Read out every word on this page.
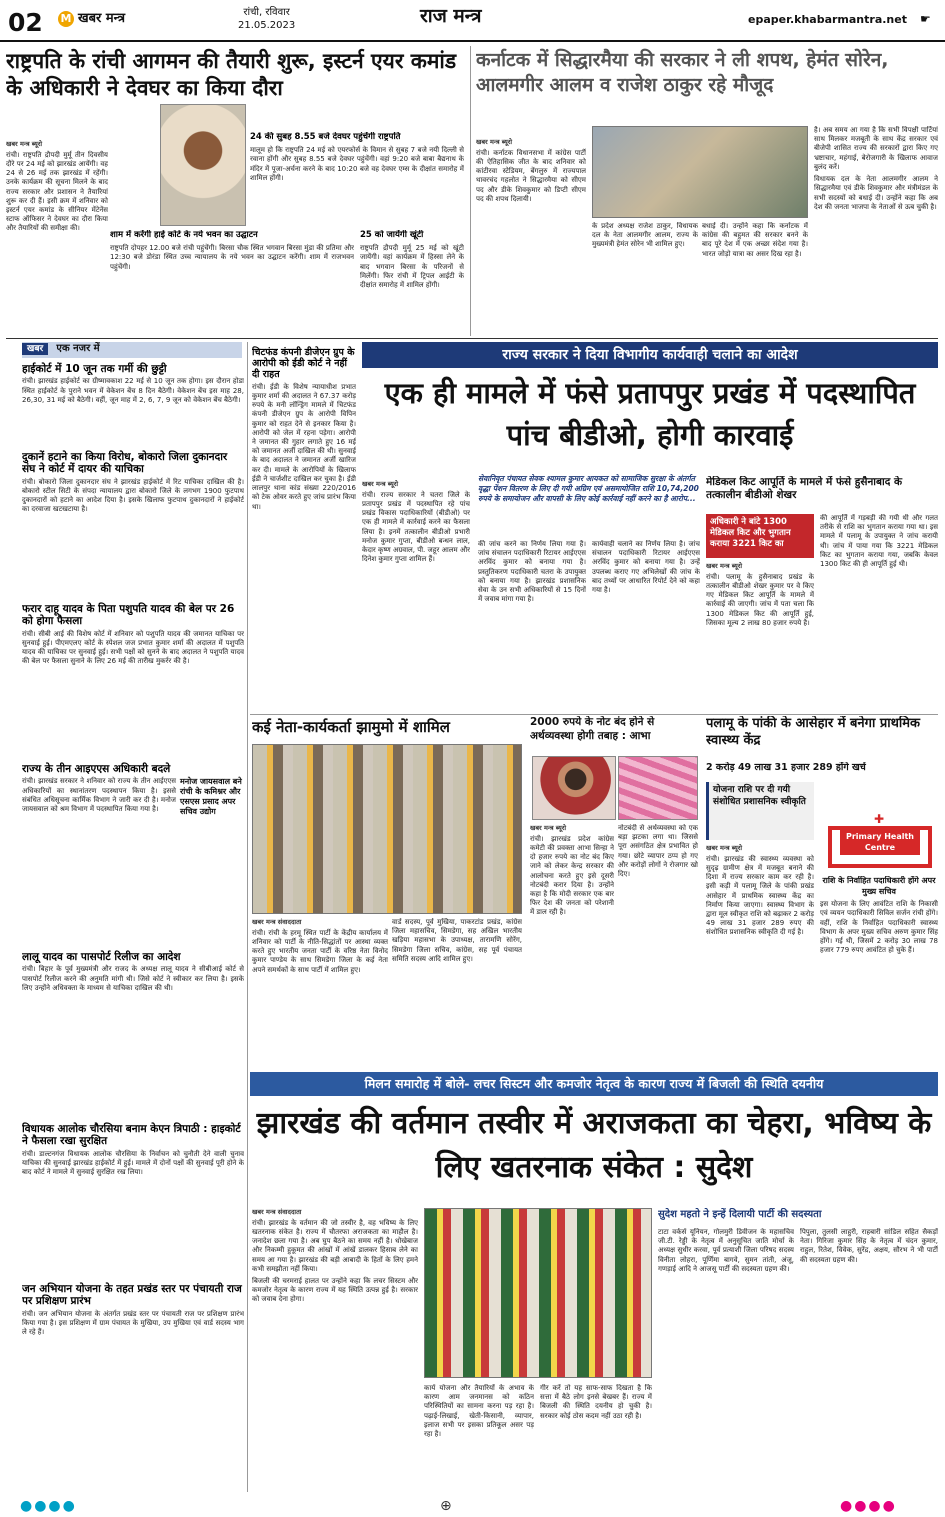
02 M खबर मन्त्र	रांची, रविवार
21.05.2023	राज मन्त्र	epaper.khabarmantra.net ☛
राष्ट्रपति के रांची आगमन की तैयारी शुरू, इस्टर्न एयर कमांड के अधिकारी ने देवघर का किया दौरा
खबर मन्त्र ब्यूरो
रांची। राष्ट्रपति द्रौपदी मुर्मू तीन दिवसीय दौरे पर 24 मई को झारखंड आयेंगी। वह 24 से 26 मई तक झारखंड में रहेंगी। उनके कार्यक्रम की सूचना मिलने के बाद राज्य सरकार और प्रशासन ने तैयारियां शुरू कर दी हैं। इसी क्रम में शनिवार को इस्टर्न एयर कमांड के सीनियर मेंटेनेंस स्टाफ ऑफिसर ने देवघर का दौरा किया और तैयारियों की समीक्षा की।
24 की सुबह 8.55 बजे देवघर पहुंचेंगी राष्ट्रपति
मालूम हो कि राष्ट्रपति 24 मई को एयरफोर्स के विमान से सुबह 7 बजे नयी दिल्ली से रवाना होंगी और सुबह 8.55 बजे देवघर पहुंचेंगी। वहां 9:20 बजे बाबा बैद्यनाथ के मंदिर में पूजा-अर्चना करने के बाद 10:20 बजे वह देवघर एम्स के दीक्षांत समारोह में शामिल होंगी।
शाम में करेंगी हाई कोर्ट के नये भवन का उद्घाटन
राष्ट्रपति दोपहर 12.00 बजे रांची पहुंचेंगी। बिरसा चौक स्थित भगवान बिरसा मुंडा की प्रतिमा और 12:30 बजे डोरंडा स्थित उच्च न्यायालय के नये भवन का उद्घाटन करेंगी। शाम में राजभवन पहुंचेंगी।
25 को जायेंगी खूंटी
राष्ट्रपति द्रौपदी मुर्मू 25 मई को खूंटी जायेंगी। वहां कार्यक्रम में हिस्सा लेने के बाद भगवान बिरसा के परिजनों से मिलेंगी। फिर रांची में ट्रिपल आईटी के दीक्षांत समारोह में शामिल होंगी।
कर्नाटक में सिद्धारमैया की सरकार ने ली शपथ, हेमंत सोरेन, आलमगीर आलम व राजेश ठाकुर रहे मौजूद
खबर मन्त्र ब्यूरो
रांची। कर्नाटक विधानसभा में कांग्रेस पार्टी की ऐतिहासिक जीत के बाद शनिवार को कांटीरवा स्टेडियम, बेंगलुरु में राज्यपाल थावरचंद गहलोत ने सिद्धारमैया को सीएम पद और डीके शिवकुमार को डिप्टी सीएम पद की शपथ दिलायी।
के प्रदेश अध्यक्ष राजेश ठाकुर, विधायक दल के नेता आलमगीर आलम, राज्य के मुख्यमंत्री हेमंत सोरेन भी शामिल हुए।
बधाई दी। उन्होंने कहा कि कर्नाटक में कांग्रेस की बहुमत की सरकार बनने के बाद पूरे देश में एक अच्छा संदेश गया है। भारत जोड़ो यात्रा का असर दिख रहा है।
है। अब समय आ गया है कि सभी विपक्षी पार्टियां साथ मिलकर मजबूती के साथ केंद्र सरकार एवं बीजेपी शासित राज्य की सरकारों द्वारा किए गए भ्रष्टाचार, महंगाई, बेरोजगारी के खिलाफ आवाज बुलंद करें।
विधायक दल के नेता आलमगीर आलम ने सिद्धारमैया एवं डीके शिवकुमार और मंत्रीमंडल के सभी सदस्यों को बधाई दी। उन्होंने कहा कि अब देश की जनता भाजपा के नेताओं से ऊब चुकी है।
खबर एक नजर में
हाईकोर्ट में 10 जून तक गर्मी की छुट्टी
रांची। झारखंड हाईकोर्ट का ग्रीष्मावकाश 22 मई से 10 जून तक होगा। इस दौरान होडा स्थित हाईकोर्ट के पुराने भवन में वेकेशन बेंच 8 दिन बैठेगी। वेकेशन बेंच इस माह 28, 26,30, 31 मई को बैठेगी। वहीं, जून माह में 2, 6, 7, 9 जून को वेकेशन बेंच बैठेगी।
दुकानें हटाने का किया विरोध, बोकारो जिला दुकानदार संघ ने कोर्ट में दायर की याचिका
रांची। बोकारो जिला दुकानदार संघ ने झारखंड हाईकोर्ट में रिट याचिका दाखिल की है। बोकारो स्टील सिटी के संपदा न्यायालय द्वारा बोकारो जिले के लगभग 1900 फुटपाथ दुकानदारों को हटाने का आदेश दिया है। इसके खिलाफ फुटपाथ दुकानदारों ने हाईकोर्ट का दरवाजा खटखटाया है।
फरार दाहू यादव के पिता पशुपति यादव की बेल पर 26 को होगा फैसला
रांची। सीबी आई की विशेष कोर्ट में शनिवार को पशुपति यादव की जमानत याचिका पर सुनवाई हुई। पीएमएलए कोर्ट के स्पेशल जज प्रभात कुमार शर्मा की अदालत में पशुपति यादव की याचिका पर सुनवाई हुई। सभी पक्षों को सुनने के बाद अदालत ने पशुपति यादव की बेल पर फैसला सुनाने के लिए 26 मई की तारीख मुकर्रर की है।
राज्य के तीन आइएएस अधिकारी बदले
मनोज जायसवाल बने रांची के कमिश्नर और एसएस प्रसाद अपर सचिव उद्योग
रांची। झारखंड सरकार ने शनिवार को राज्य के तीन आईएएस अधिकारियों का स्थानांतरण पदस्थापन किया है। इससे संबंधित अधिसूचना कार्मिक विभाग ने जारी कर दी है। मनोज जायसवाल को श्रम विभाग में पदस्थापित किया गया है।
लालू यादव का पासपोर्ट रिलीज का आदेश
रांची। बिहार के पूर्व मुख्यमंत्री और राजद के अध्यक्ष लालू यादव ने सीबीआई कोर्ट से पासपोर्ट रिलीज करने की अनुमति मांगी थी। जिसे कोर्ट ने स्वीकार कर लिया है। इसके लिए उन्होंने अधिवक्ता के माध्यम से याचिका दाखिल की थी।
विधायक आलोक चौरसिया बनाम केएन त्रिपाठी : हाइकोर्ट ने फैसला रखा सुरक्षित
रांची। डाल्टनगंज विधायक आलोक चौरसिया के निर्वाचन को चुनौती देने वाली चुनाव याचिका की सुनवाई झारखंड हाईकोर्ट में हुई। मामले में दोनों पक्षों की सुनवाई पूरी होने के बाद कोर्ट ने मामले में सुनवाई सुरक्षित रख लिया।
जन अभियान योजना के तहत प्रखंड स्तर पर पंचायती राज पर प्रशिक्षण प्रारंभ
रांची। जन अभियान योजना के अंतर्गत प्रखंड स्तर पर पंचायती राज पर प्रशिक्षण प्रारंभ किया गया है। इस प्रशिक्षण में ग्राम पंचायत के मुखिया, उप मुखिया एवं वार्ड सदस्य भाग ले रहे हैं।
चिटफंड कंपनी डीजेएन ग्रुप के आरोपी को ईडी कोर्ट ने नहीं दी राहत
रांची। ईडी के विशेष न्यायाधीश प्रभात कुमार शर्मा की अदालत ने 67.37 करोड़ रुपये के मनी लॉन्ड्रिंग मामले में चिटफंड कंपनी डीजेएन ग्रुप के आरोपी विपिन कुमार को राहत देने से इनकार किया है। आरोपी को जेल में रहना पड़ेगा। आरोपी ने जमानत की गुहार लगाते हुए 16 मई को जमानत अर्जी दाखिल की थी। सुनवाई के बाद अदालत ने जमानत अर्जी खारिज कर दी। मामले के आरोपियों के खिलाफ ईडी ने चार्जशीट दाखिल कर चुका है। ईडी लालपुर थाना कांड संख्या 220/2016 को टेक ओवर करते हुए जांच प्रारंभ किया था।
राज्य सरकार ने दिया विभागीय कार्यवाही चलाने का आदेश
एक ही मामले में फंसे प्रतापपुर प्रखंड में पदस्थापित पांच बीडीओ, होगी कारवाई
सेवानिवृत पंचायत सेवक श्यामल कुमार आयकत को सामाजिक सुरक्षा के अंतर्गत वृद्धा पेंशन वितरण के लिए दी गयी अग्रिम एवं असमायोजित राशि 10,74,200 रुपये के समायोजन और वापसी के लिए कोई कार्रवाई नहीं करने का है आरोप...
खबर मन्त्र ब्यूरो
रांची। राज्य सरकार ने चतरा जिले के प्रतापपुर प्रखंड में पदस्थापित रहे पांच प्रखंड विकास पदाधिकारियों (बीडीओ) पर एक ही मामले में कार्रवाई करने का फैसला लिया है। इनमें तत्कालीन बीडीओ प्रभारी मनोज कुमार गुप्ता, बीडीओ बन्धन लाल, केदार कृष्ण अग्रवाल, पी. जहूर आलम और दिनेश कुमार गुप्ता शामिल हैं।
की जांच करने का निर्णय लिया गया है। जांच संचालन पदाधिकारी रिटायर आईएएस अरविंद कुमार को बनाया गया है। प्रस्तुतिकरण पदाधिकारी चतरा के उपायुक्त को बनाया गया है। झारखंड प्रशासनिक सेवा के उन सभी अधिकारियों से 15 दिनों में जवाब मांगा गया है।
कार्यवाही चलाने का निर्णय लिया है। जांच संचालन पदाधिकारी रिटायर आईएएस अरविंद कुमार को बनाया गया है। उन्हें उपलब्ध कराए गए अभिलेखों की जांच के बाद तथ्यों पर आधारित रिपोर्ट देने को कहा गया है।
मेडिकल किट आपूर्ति के मामले में फंसे हुसैनाबाद के तत्कालीन बीडीओ शेखर
अधिकारी ने बांटे 1300 मेडिकल किट और भुगतान कराया 3221 किट का
खबर मन्त्र ब्यूरो
रांची। पलामू के हुसैनाबाद प्रखंड के तत्कालीन बीडीओ शेखर कुमार पर वे किए गए मेडिकल किट आपूर्ति के मामले में कार्रवाई की जाएगी। जांच में पता चला कि 1300 मेडिकल किट की आपूर्ति हुई, जिसका मूल्य 2 लाख 80 हजार रुपये है।
की आपूर्ति में गड़बड़ी की गयी थी और गलत तरीके से राशि का भुगतान कराया गया था। इस मामले में पलामू के उपायुक्त ने जांच करायी थी। जांच में पाया गया कि 3221 मेडिकल किट का भुगतान कराया गया, जबकि केवल 1300 किट की ही आपूर्ति हुई थी।
कई नेता-कार्यकर्ता झामुमो में शामिल
खबर मन्त्र संवाददाता
रांची। रांची के हरमू स्थित पार्टी के केंद्रीय कार्यालय में शनिवार को पार्टी के नीति-सिद्धांतों पर आस्था व्यक्त करते हुए भारतीय जनता पार्टी के वरिष्ठ नेता विनोद कुमार पाण्डेय के साथ सिमडेगा जिला के कई नेता अपने समर्थकों के साथ पार्टी में शामिल हुए।
वार्ड सदस्य, पूर्व मुखिया, पाकरटांड प्रखंड, कांग्रेस जिला महासचिव, सिमडेगा, सह अखिल भारतीय खड़िया महासभा के उपाध्यक्ष, तारामणि सोरेंग, सिमडेगा जिला सचिव, कांग्रेस, सह पूर्व पंचायत समिति सदस्य आदि शामिल हुए।
2000 रुपये के नोट बंद होने से अर्थव्यवस्था होगी तबाह : आभा
खबर मन्त्र ब्यूरो
रांची। झारखंड प्रदेश कांग्रेस कमेटी की प्रवक्ता आभा सिन्हा ने दो हजार रुपये का नोट बंद किए जाने को लेकर केन्द्र सरकार की आलोचना करते हुए इसे दूसरी नोटबंदी करार दिया है। उन्होंने कहा है कि मोदी सरकार एक बार फिर देश की जनता को परेशानी में डाल रही है।
नोटबंदी से अर्थव्यवस्था को एक बड़ा झटका लगा था। जिससे पूरा असंगठित क्षेत्र प्रभावित हो गया। छोटे व्यापार ठप्प हो गए और करोड़ों लोगों ने रोजगार खो दिए।
पलामू के पांकी के आसेहार में बनेगा प्राथमिक स्वास्थ्य केंद्र
2 करोड़ 49 लाख 31 हजार 289 होंगे खर्च
योजना राशि पर दी गयी संशोधित प्रशासनिक स्वीकृति
Primary Health Centre
✚
खबर मन्त्र ब्यूरो
रांची। झारखंड की स्वास्थ्य व्यवस्था को सुदृढ़ ग्रामीण क्षेत्र में मजबूत बनाने की दिशा में राज्य सरकार काम कर रही है। इसी कड़ी में पलामू जिले के पांकी प्रखंड आसेहार में प्राथमिक स्वास्थ्य केंद्र का निर्माण किया जाएगा। स्वास्थ्य विभाग के द्वारा मूल स्वीकृत राशि को बढ़ाकर 2 करोड़ 49 लाख 31 हजार 289 रुपए की संशोधित प्रशासनिक स्वीकृति दी गई है।
राशि के निर्वाहित पदाधिकारी होंगे अपर मुख्य सचिव
इस योजना के लिए आवंटित राशि के निकासी एवं व्ययन पदाधिकारी सिविल सर्जन रांची होंगे। वहीं, राशि के निर्वाहित पदाधिकारी स्वास्थ्य विभाग के अपर मुख्य सचिव अरुण कुमार सिंह होंगे। गई थी, जिसमें 2 करोड़ 30 लाख 78 हजार 779 रुपए आवंटित हो चुके हैं।
मिलन समारोह में बोले- लचर सिस्टम और कमजोर नेतृत्व के कारण राज्य में बिजली की स्थिति दयनीय
झारखंड की वर्तमान तस्वीर में अराजकता का चेहरा, भविष्य के लिए खतरनाक संकेत : सुदेश
खबर मन्त्र संवाददाता
रांची। झारखंड के वर्तमान की जो तस्वीर है, वह भविष्य के लिए खतरनाक संकेत है। राज्य में चौतरफा अराजकता का माहौल है। जनादेश छला गया है। अब घुप बैठने का समय नहीं है। धोखेबाज और निकम्मी हुकूमत की आंखों में आंखें डालकर हिसाब लेने का समय आ गया है। झारखंड की बड़ी आबादी के हितों के लिए हमने कभी समझौता नहीं किया।
बिजली की चरमराई हालत पर उन्होंने कहा कि लचर सिस्टम और कमजोर नेतृत्व के कारण राज्य में यह स्थिति उत्पन्न हुई है। सरकार को जवाब देना होगा।
कार्य योजना और तैयारियों के अभाव के कारण आम जनमानस को कठिन परिस्थितियों का सामना करना पड़ रहा है। पढ़ाई-लिखाई, खेती-किसानी, व्यापार, इलाज सभी पर इसका प्रतिकूल असर पड़ रहा है।
गीर करें तो यह साफ-साफ दिखता है कि सत्ता में बैठे लोग इनसे बेखबर हैं। राज्य में बिजली की स्थिति दयनीय हो चुकी है। सरकार कोई ठोस कदम नहीं उठा रही है।
सुदेश महतो ने इन्हें दिलायी पार्टी की सदस्यता
टाटा वर्कर्स यूनियन, गोलमुरी डिवीजन के महासचिव जी.टी. रेड्डी के नेतृत्व में अनुसूचित जाति मोर्चा के अध्यक्ष सुधीर करवा, पूर्व प्रत्याशी जिला परिषद सदस्य विनीता लोहरा, पूर्णिमा बागवे, सुमन तांती, अंजू, गणड़ाई आदि ने आजसू पार्टी की सदस्यता ग्रहण की।
पिपुला, तुलसी लाहुरी, राहबारी सांडिल सहित सैकड़ों नेता। गिरिजा कुमार सिंह के नेतृत्व में चंदन कुमार, राहुल, रितेश, विवेक, सुरेंद्र, अक्षय, सौरभ ने भी पार्टी की सदस्यता ग्रहण की।
●●●●	⊕	●●●●
